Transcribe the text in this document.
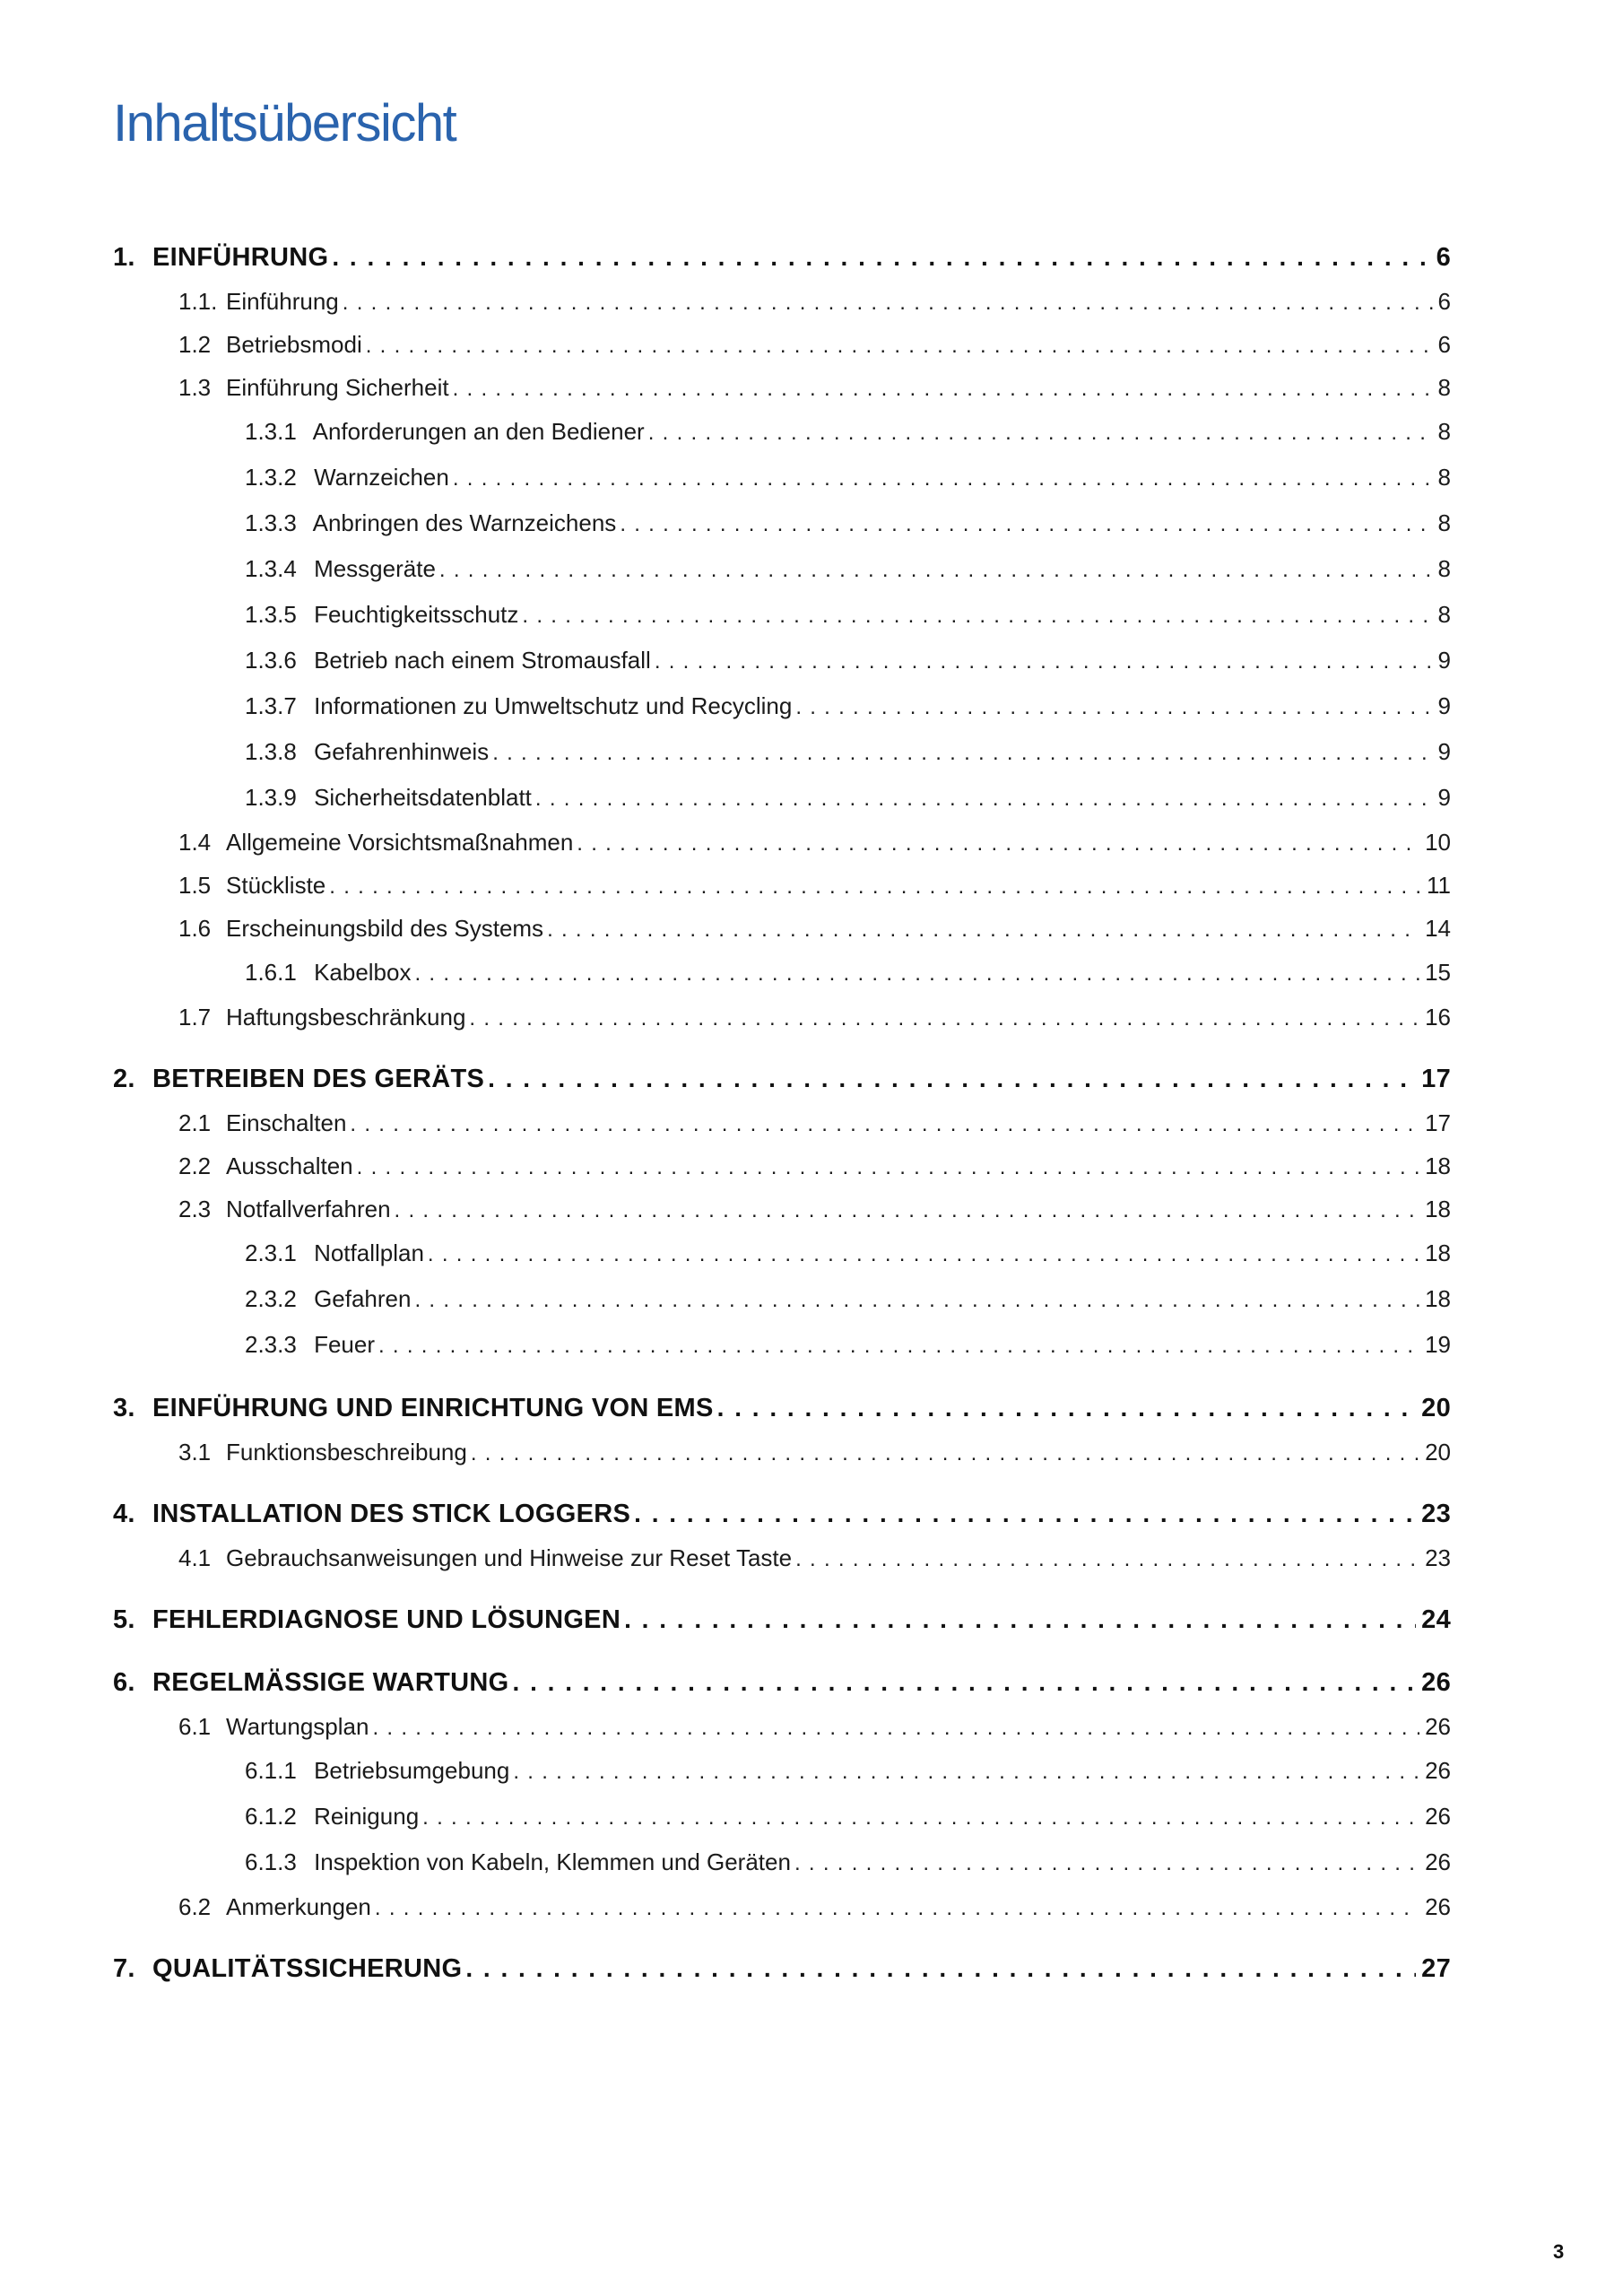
Inhaltsübersicht
1. EINFÜHRUNG . . .	6
1.1. Einführung . . .	6
1.2 Betriebsmodi . . .	6
1.3 Einführung Sicherheit . . .	8
1.3.1 Anforderungen an den Bediener . . .	8
1.3.2 Warnzeichen . . .	8
1.3.3 Anbringen des Warnzeichens . . .	8
1.3.4 Messgeräte . . .	8
1.3.5 Feuchtigkeitsschutz . . .	8
1.3.6 Betrieb nach einem Stromausfall . . .	9
1.3.7 Informationen zu Umweltschutz und Recycling . . .	9
1.3.8 Gefahrenhinweis . . .	9
1.3.9 Sicherheitsdatenblatt . . .	9
1.4 Allgemeine Vorsichtsmaßnahmen . . .	10
1.5 Stückliste . . .	11
1.6 Erscheinungsbild des Systems . . .	14
1.6.1 Kabelbox . . .	15
1.7 Haftungsbeschränkung . . .	16
2. BETREIBEN DES GERÄTS . . .	17
2.1 Einschalten . . .	17
2.2 Ausschalten . . .	18
2.3 Notfallverfahren . . .	18
2.3.1 Notfallplan . . .	18
2.3.2 Gefahren . . .	18
2.3.3 Feuer . . .	19
3. EINFÜHRUNG UND EINRICHTUNG VON EMS . . .	20
3.1 Funktionsbeschreibung . . .	20
4. INSTALLATION DES STICK LOGGERS . . .	23
4.1 Gebrauchsanweisungen und Hinweise zur Reset Taste . . .	23
5. FEHLERDIAGNOSE UND LÖSUNGEN . . .	24
6. REGELMÄSSIGE WARTUNG . . .	26
6.1 Wartungsplan . . .	26
6.1.1 Betriebsumgebung . . .	26
6.1.2 Reinigung . . .	26
6.1.3 Inspektion von Kabeln, Klemmen und Geräten . . .	26
6.2 Anmerkungen . . .	26
7. QUALITÄTSSICHERUNG . . .	27
3
